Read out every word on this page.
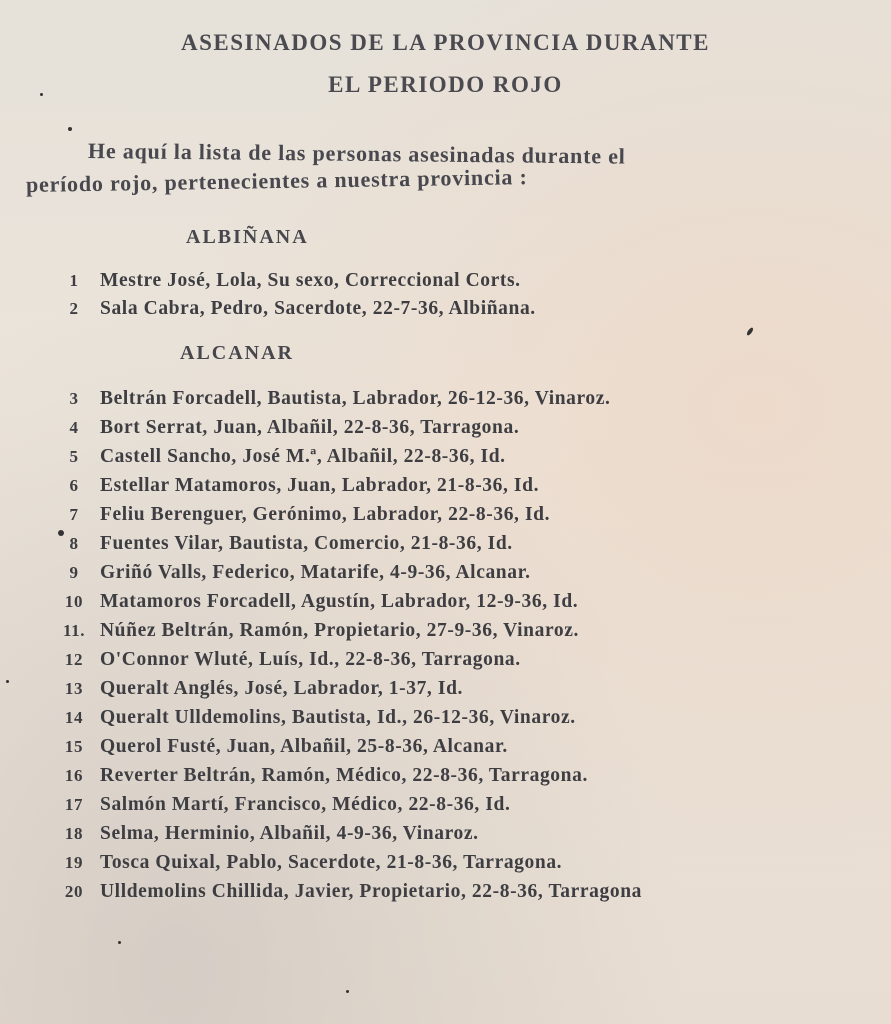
ASESINADOS DE LA PROVINCIA DURANTE
EL PERIODO ROJO
He aquí la lista de las personas asesinadas durante el
período rojo, pertenecientes a nuestra provincia :
ALBIÑANA
1 Mestre José, Lola, Su sexo, Correccional Corts.
2 Sala Cabra, Pedro, Sacerdote, 22-7-36, Albiñana.
ALCANAR
3 Beltrán Forcadell, Bautista, Labrador, 26-12-36, Vinaroz.
4 Bort Serrat, Juan, Albañil, 22-8-36, Tarragona.
5 Castell Sancho, José M.ª, Albañil, 22-8-36, Id.
6 Estellar Matamoros, Juan, Labrador, 21-8-36, Id.
7 Feliu Berenguer, Gerónimo, Labrador, 22-8-36, Id.
8 Fuentes Vilar, Bautista, Comercio, 21-8-36, Id.
9 Griñó Valls, Federico, Matarife, 4-9-36, Alcanar.
10 Matamoros Forcadell, Agustín, Labrador, 12-9-36, Id.
11. Núñez Beltrán, Ramón, Propietario, 27-9-36, Vinaroz.
12 O'Connor Wluté, Luís, Id., 22-8-36, Tarragona.
13 Queralt Anglés, José, Labrador, 1-37, Id.
14 Queralt Ulldemolins, Bautista, Id., 26-12-36, Vinaroz.
15 Querol Fusté, Juan, Albañil, 25-8-36, Alcanar.
16 Reverter Beltrán, Ramón, Médico, 22-8-36, Tarragona.
17 Salmón Martí, Francisco, Médico, 22-8-36, Id.
18 Selma, Herminio, Albañil, 4-9-36, Vinaroz.
19 Tosca Quixal, Pablo, Sacerdote, 21-8-36, Tarragona.
20 Ulldemolins Chillida, Javier, Propietario, 22-8-36, Tarragona
